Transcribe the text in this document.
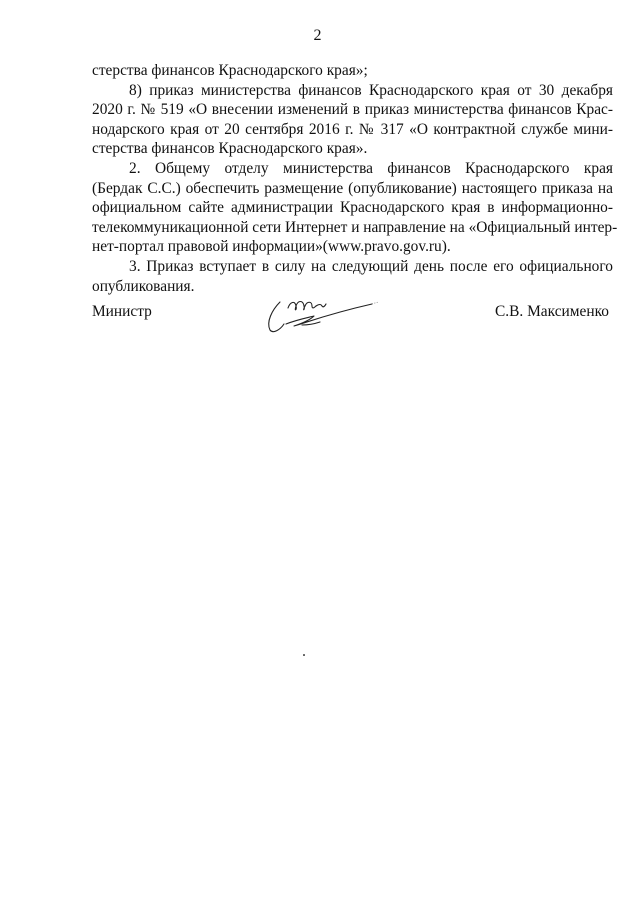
2
стерства финансов Краснодарского края»;
8) приказ министерства финансов Краснодарского края от 30 декабря
2020 г. № 519 «О внесении изменений в приказ министерства финансов Крас-
нодарского края от 20 сентября 2016 г. № 317 «О контрактной службе мини-
стерства финансов Краснодарского края».
2. Общему отделу министерства финансов Краснодарского края
(Бердак С.С.) обеспечить размещение (опубликование) настоящего приказа на
официальном сайте администрации Краснодарского края в информационно-
телекоммуникационной сети Интернет и направление на «Официальный интер-
нет-портал правовой информации»(www.pravo.gov.ru).
3. Приказ вступает в силу на следующий день после его официального
опубликования.
Министр	С.В. Максименко
